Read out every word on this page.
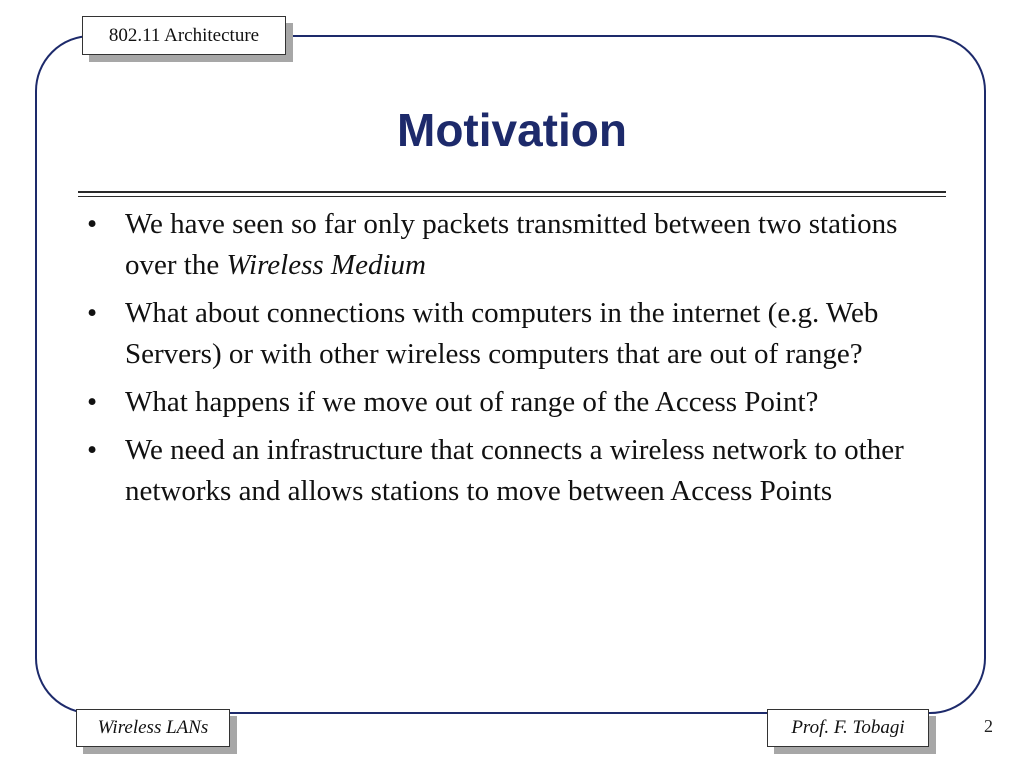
802.11 Architecture
Motivation
• We have seen so far only packets transmitted between two stations over the Wireless Medium
• What about connections with computers in the internet (e.g. Web Servers) or with other wireless computers that are out of range?
• What happens if we move out of range of the Access Point?
• We need an infrastructure that connects a wireless network to other networks and allows stations to move between Access Points
Wireless LANs	Prof. F. Tobagi	2
